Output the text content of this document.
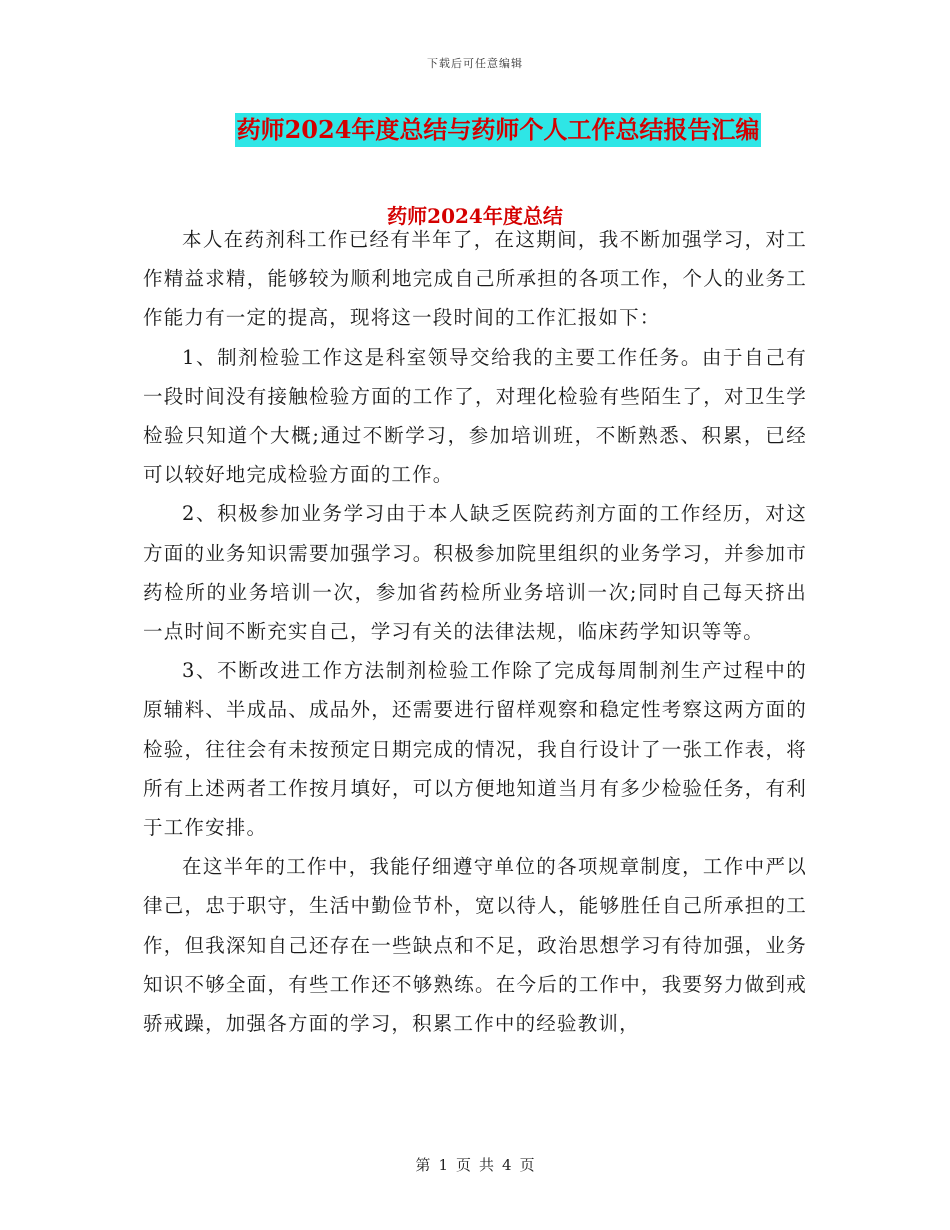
下载后可任意编辑
药师2024年度总结与药师个人工作总结报告汇编
药师2024年度总结

本人在药剂科工作已经有半年了，在这期间，我不断加强学习，对工作精益求精，能够较为顺利地完成自己所承担的各项工作，个人的业务工作能力有一定的提高，现将这一段时间的工作汇报如下：

1、制剂检验工作这是科室领导交给我的主要工作任务。由于自己有一段时间没有接触检验方面的工作了，对理化检验有些陌生了，对卫生学检验只知道个大概;通过不断学习，参加培训班，不断熟悉、积累，已经可以较好地完成检验方面的工作。

2、积极参加业务学习由于本人缺乏医院药剂方面的工作经历，对这方面的业务知识需要加强学习。积极参加院里组织的业务学习，并参加市药检所的业务培训一次，参加省药检所业务培训一次;同时自己每天挤出一点时间不断充实自己，学习有关的法律法规，临床药学知识等等。

3、不断改进工作方法制剂检验工作除了完成每周制剂生产过程中的原辅料、半成品、成品外，还需要进行留样观察和稳定性考察这两方面的检验，往往会有未按预定日期完成的情况，我自行设计了一张工作表，将所有上述两者工作按月填好，可以方便地知道当月有多少检验任务，有利于工作安排。

在这半年的工作中，我能仔细遵守单位的各项规章制度，工作中严以律己，忠于职守，生活中勤俭节朴，宽以待人，能够胜任自己所承担的工作，但我深知自己还存在一些缺点和不足，政治思想学习有待加强，业务知识不够全面，有些工作还不够熟练。在今后的工作中，我要努力做到戒骄戒躁，加强各方面的学习，积累工作中的经验教训，

第 1 页 共 4 页
